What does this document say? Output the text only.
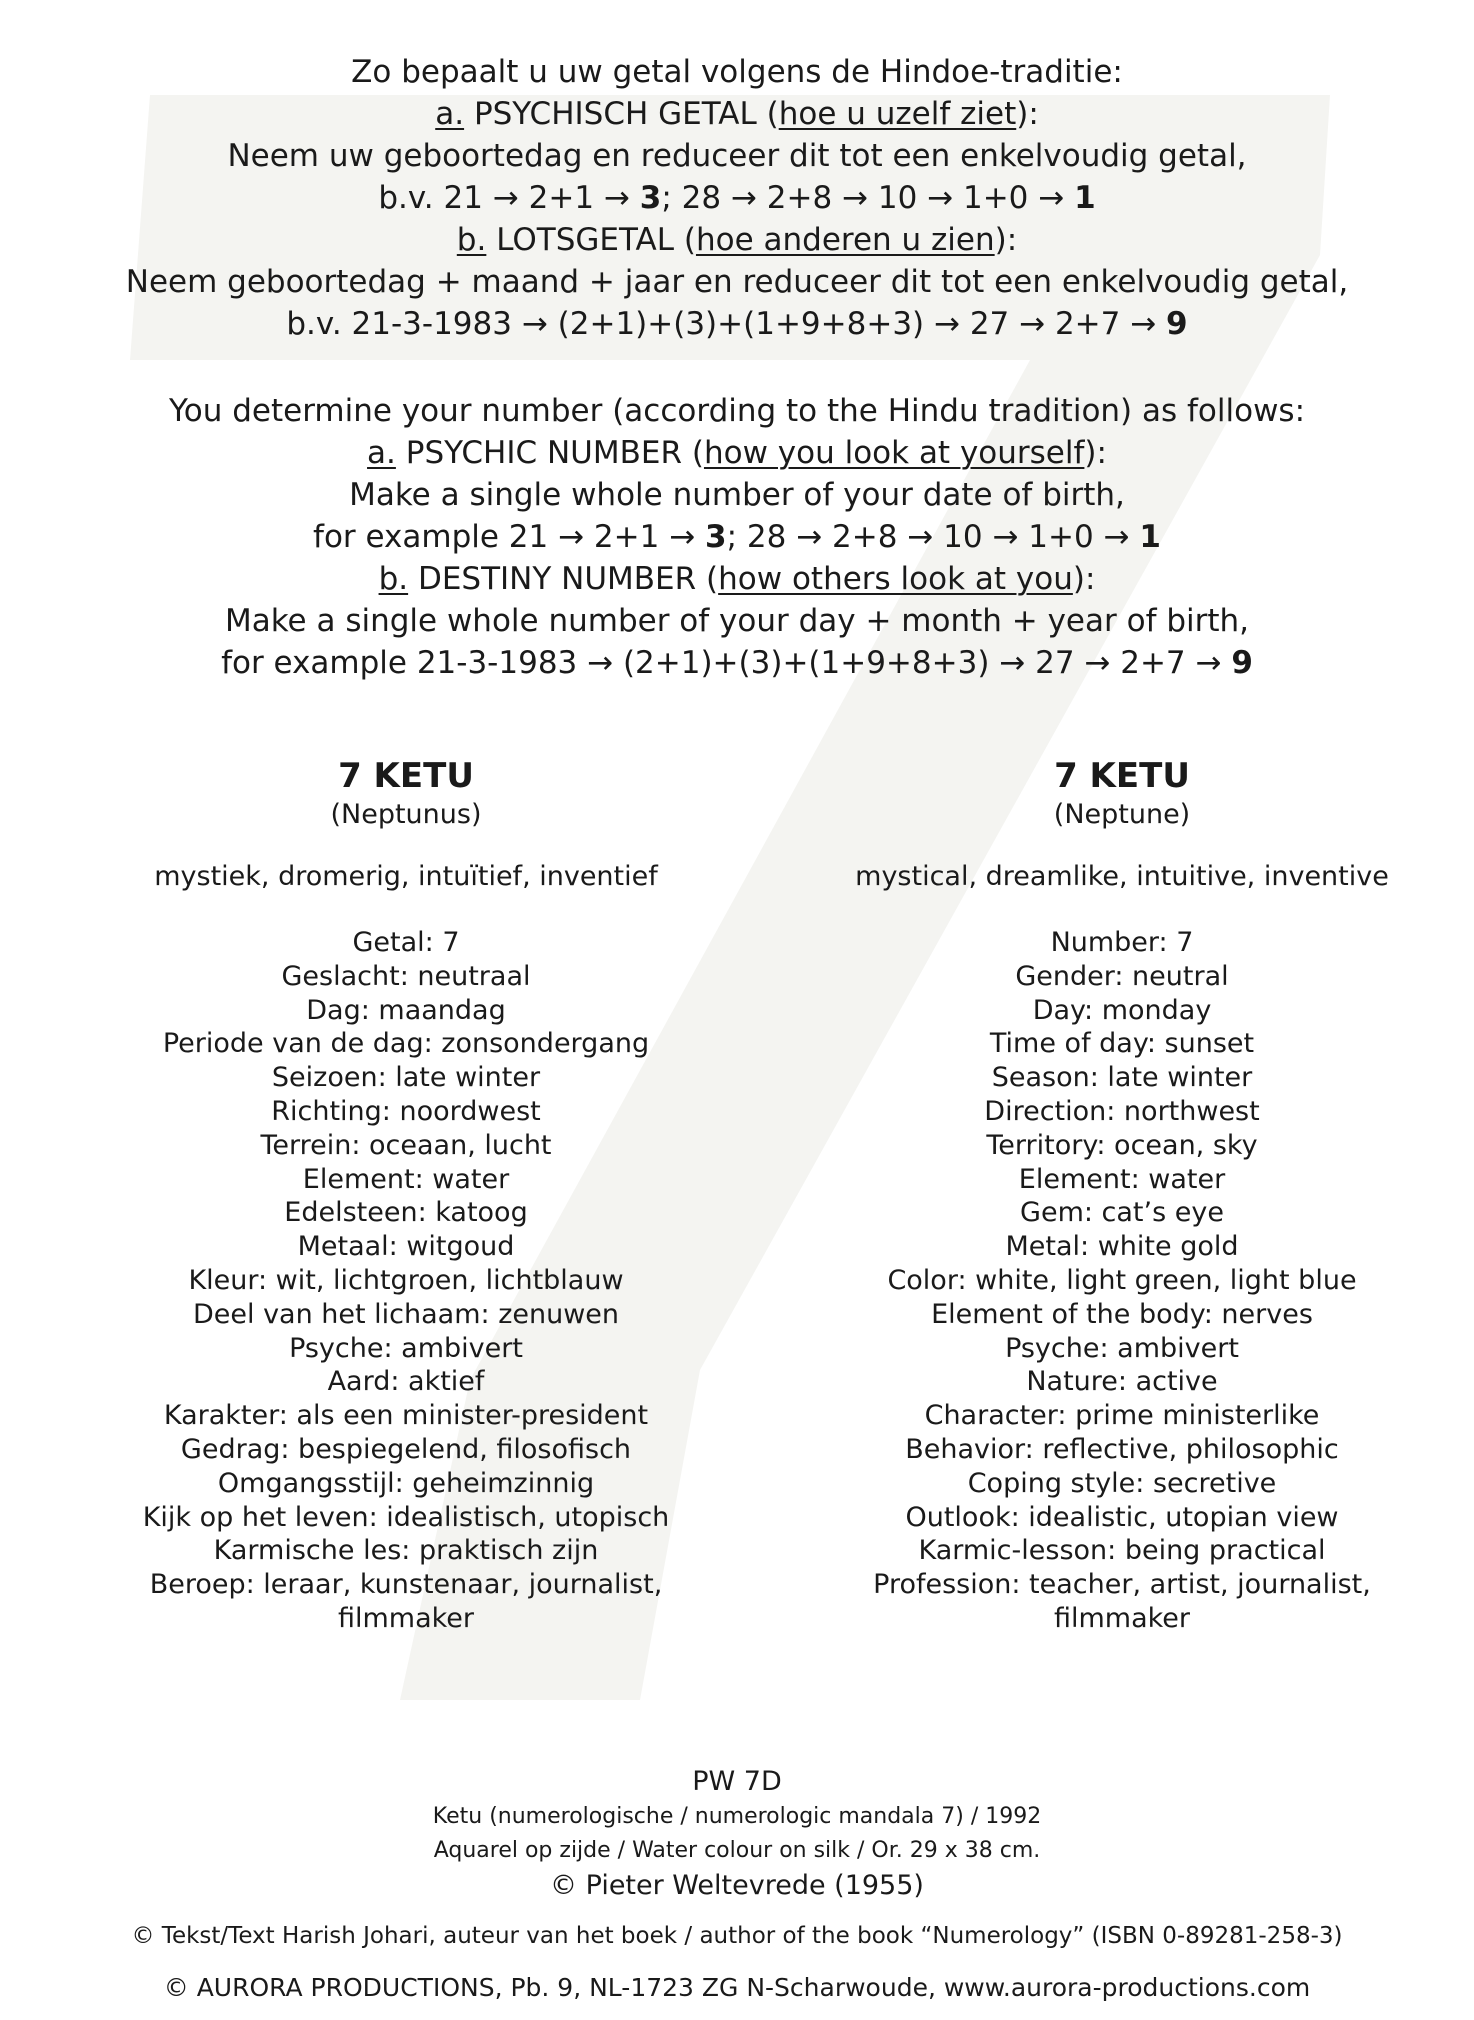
Zo bepaalt u uw getal volgens de Hindoe-traditie:
a. PSYCHISCH GETAL (hoe u uzelf ziet):
Neem uw geboortedag en reduceer dit tot een enkelvoudig getal,
b.v. 21 → 2+1 → 3; 28 → 2+8 → 10 → 1+0 → 1
b. LOTSGETAL (hoe anderen u zien):
Neem geboortedag + maand + jaar en reduceer dit tot een enkelvoudig getal,
b.v. 21-3-1983 → (2+1)+(3)+(1+9+8+3) → 27 → 2+7 → 9
You determine your number (according to the Hindu tradition) as follows:
a. PSYCHIC NUMBER (how you look at yourself):
Make a single whole number of your date of birth,
for example 21 → 2+1 → 3; 28 → 2+8 → 10 → 1+0 → 1
b. DESTINY NUMBER (how others look at you):
Make a single whole number of your day + month + year of birth,
for example 21-3-1983 → (2+1)+(3)+(1+9+8+3) → 27 → 2+7 → 9
7 KETU
(Neptunus)
mystiek, dromerig, intuïtief, inventief
Getal: 7
Geslacht: neutraal
Dag: maandag
Periode van de dag: zonsondergang
Seizoen: late winter
Richting: noordwest
Terrein: oceaan, lucht
Element: water
Edelsteen: katoog
Metaal: witgoud
Kleur: wit, lichtgroen, lichtblauw
Deel van het lichaam: zenuwen
Psyche: ambivert
Aard: aktief
Karakter: als een minister-president
Gedrag: bespiegelend, filosofisch
Omgangsstijl: geheimzinnig
Kijk op het leven: idealistisch, utopisch
Karmische les: praktisch zijn
Beroep: leraar, kunstenaar, journalist,
filmmaker
7 KETU
(Neptune)
mystical, dreamlike, intuitive, inventive
Number: 7
Gender: neutral
Day: monday
Time of day: sunset
Season: late winter
Direction: northwest
Territory: ocean, sky
Element: water
Gem: cat’s eye
Metal: white gold
Color: white, light green, light blue
Element of the body: nerves
Psyche: ambivert
Nature: active
Character: prime ministerlike
Behavior: reflective, philosophic
Coping style: secretive
Outlook: idealistic, utopian view
Karmic-lesson: being practical
Profession: teacher, artist, journalist,
filmmaker
PW 7D
Ketu (numerologische / numerologic mandala 7) / 1992
Aquarel op zijde / Water colour on silk / Or. 29 x 38 cm.
© Pieter Weltevrede (1955)
© Tekst/Text Harish Johari, auteur van het boek / author of the book “Numerology” (ISBN 0-89281-258-3)
© AURORA PRODUCTIONS, Pb. 9, NL-1723 ZG N-Scharwoude, www.aurora-productions.com
